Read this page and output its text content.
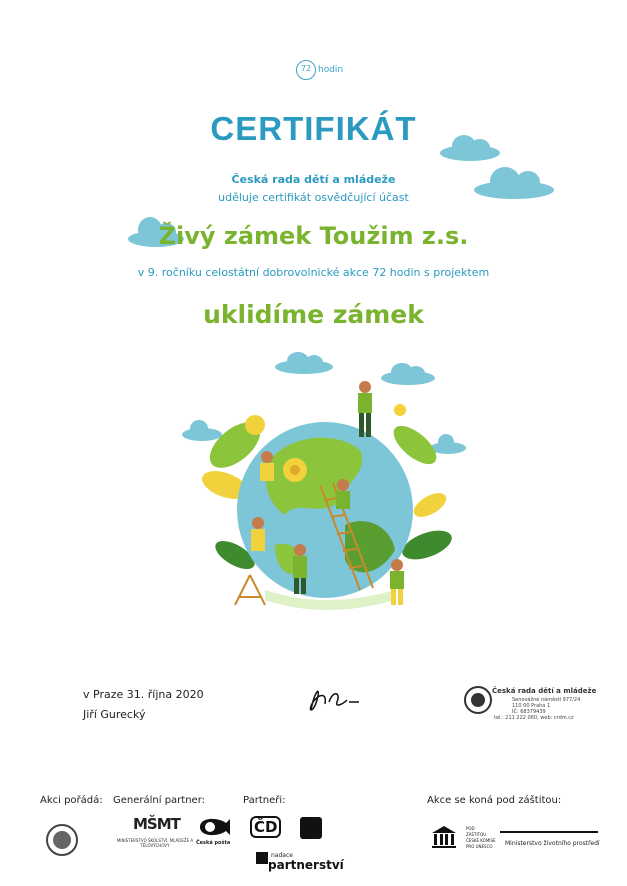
72 hodin
CERTIFIKÁT
Česká rada dětí a mládeže
uděluje certifikát osvědčující účast
Živý zámek Toužim z.s.
v 9. ročníku celostátní dobrovolnické akce 72 hodin s projektem
uklidíme zámek
v Praze 31. října 2020
Jiří Gurecký
Česká rada dětí a mládeže
Senovážné náměstí 977/24
110 00 Praha 1
IČ: 68379439
tel.: 211 222 060, web: crdm.cz
Akci pořádá: Generální partner:	Partneři:	Akce se koná pod záštitou:
MŠMT
MINISTERSTVO ŠKOLSTVÍ, MLÁDEŽE A TĚLOVÝCHOVY	Česká pošta
ČD
nadace
partnerství
POD ZÁŠTITOU ČESKÉ KOMISE PRO UNESCO	Ministerstvo životního prostředí
